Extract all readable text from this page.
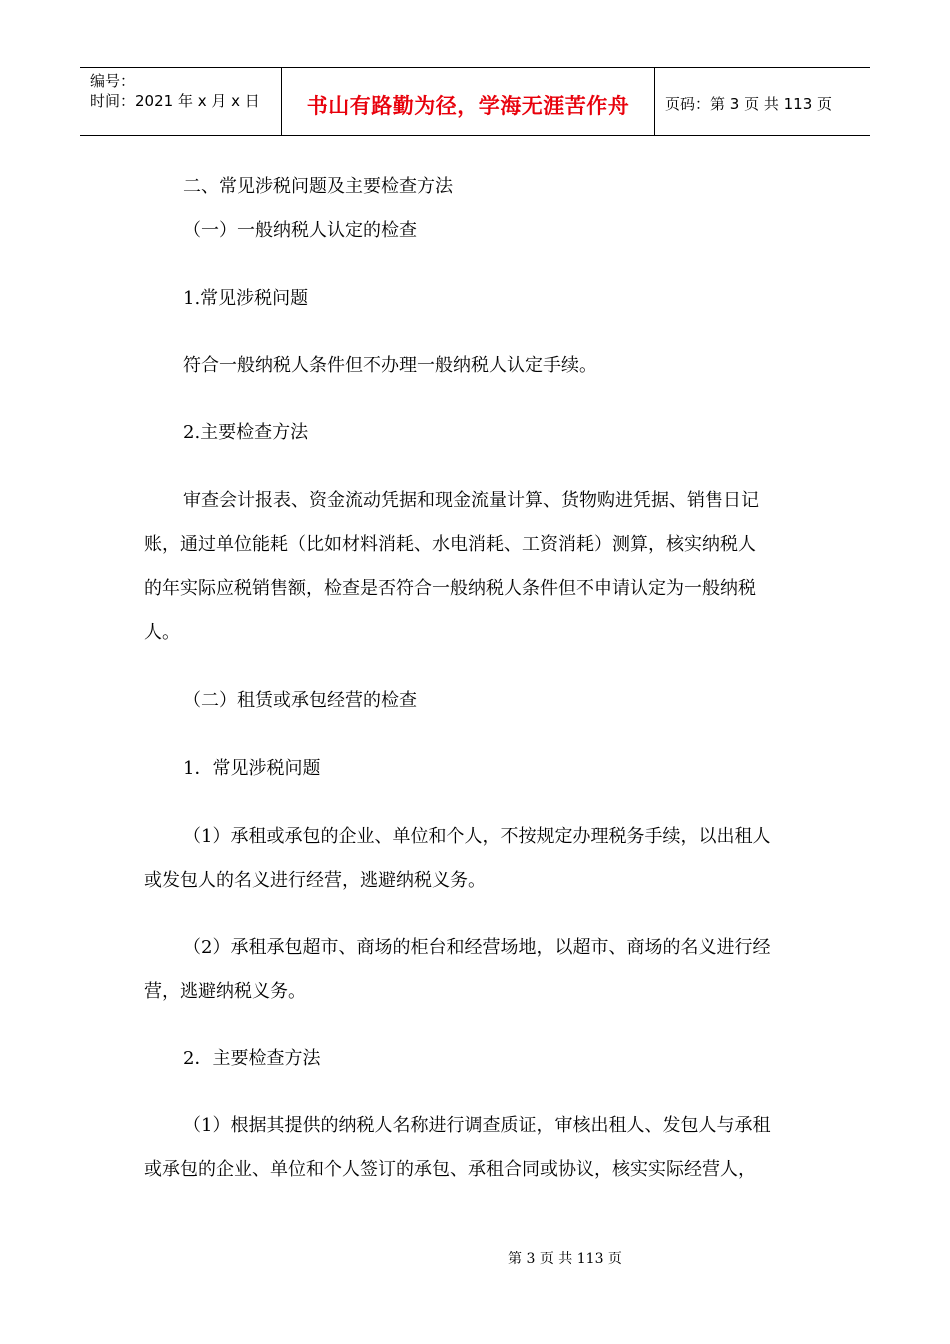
编号：
时间：2021 年 x 月 x 日	书山有路勤为径，学海无涯苦作舟	页码：第 3 页 共 113 页
二、常见涉税问题及主要检查方法
（一）一般纳税人认定的检查
1.常见涉税问题
符合一般纳税人条件但不办理一般纳税人认定手续。
2.主要检查方法
审查会计报表、资金流动凭据和现金流量计算、货物购进凭据、销售日记
账，通过单位能耗（比如材料消耗、水电消耗、工资消耗）测算，核实纳税人
的年实际应税销售额，检查是否符合一般纳税人条件但不申请认定为一般纳税
人。
（二）租赁或承包经营的检查
1．常见涉税问题
（1）承租或承包的企业、单位和个人，不按规定办理税务手续，以出租人
或发包人的名义进行经营，逃避纳税义务。
（2）承租承包超市、商场的柜台和经营场地，以超市、商场的名义进行经
营，逃避纳税义务。
2．主要检查方法
（1）根据其提供的纳税人名称进行调查质证，审核出租人、发包人与承租
或承包的企业、单位和个人签订的承包、承租合同或协议，核实实际经营人，
第 3 页 共 113 页
